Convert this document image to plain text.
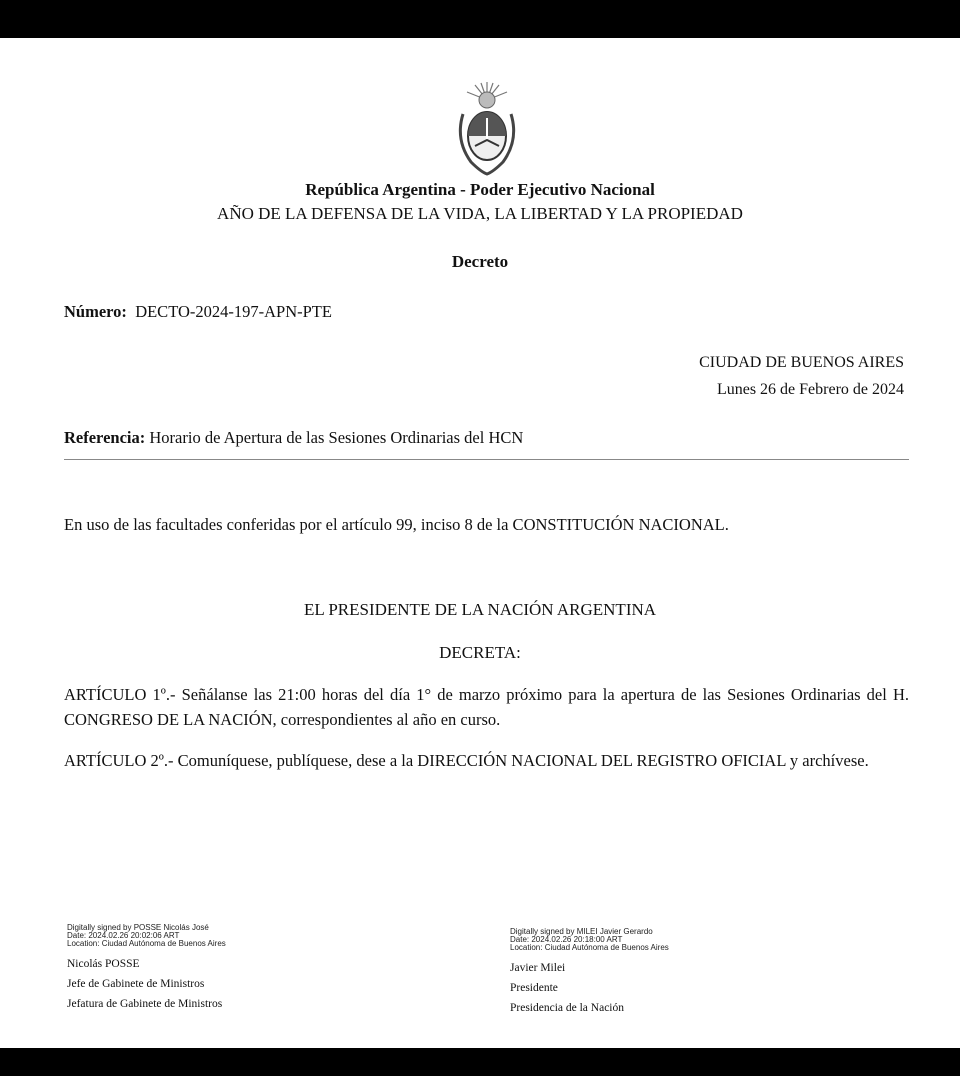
República Argentina - Poder Ejecutivo Nacional
AÑO DE LA DEFENSA DE LA VIDA, LA LIBERTAD Y LA PROPIEDAD
Decreto
Número: DECTO-2024-197-APN-PTE
CIUDAD DE BUENOS AIRES
Lunes 26 de Febrero de 2024
Referencia: Horario de Apertura de las Sesiones Ordinarias del HCN
En uso de las facultades conferidas por el artículo 99, inciso 8 de la CONSTITUCIÓN NACIONAL.
EL PRESIDENTE DE LA NACIÓN ARGENTINA
DECRETA:
ARTÍCULO 1º.- Señálanse las 21:00 horas del día 1° de marzo próximo para la apertura de las Sesiones Ordinarias del H. CONGRESO DE LA NACIÓN, correspondientes al año en curso.
ARTÍCULO 2º.- Comuníquese, publíquese, dese a la DIRECCIÓN NACIONAL DEL REGISTRO OFICIAL y archívese.
Digitally signed by POSSE Nicolás José
Date: 2024.02.26 20:02:06 ART
Location: Ciudad Autónoma de Buenos Aires
Nicolás POSSE
Jefe de Gabinete de Ministros
Jefatura de Gabinete de Ministros
Digitally signed by MILEI Javier Gerardo
Date: 2024.02.26 20:18:00 ART
Location: Ciudad Autónoma de Buenos Aires
Javier Milei
Presidente
Presidencia de la Nación
